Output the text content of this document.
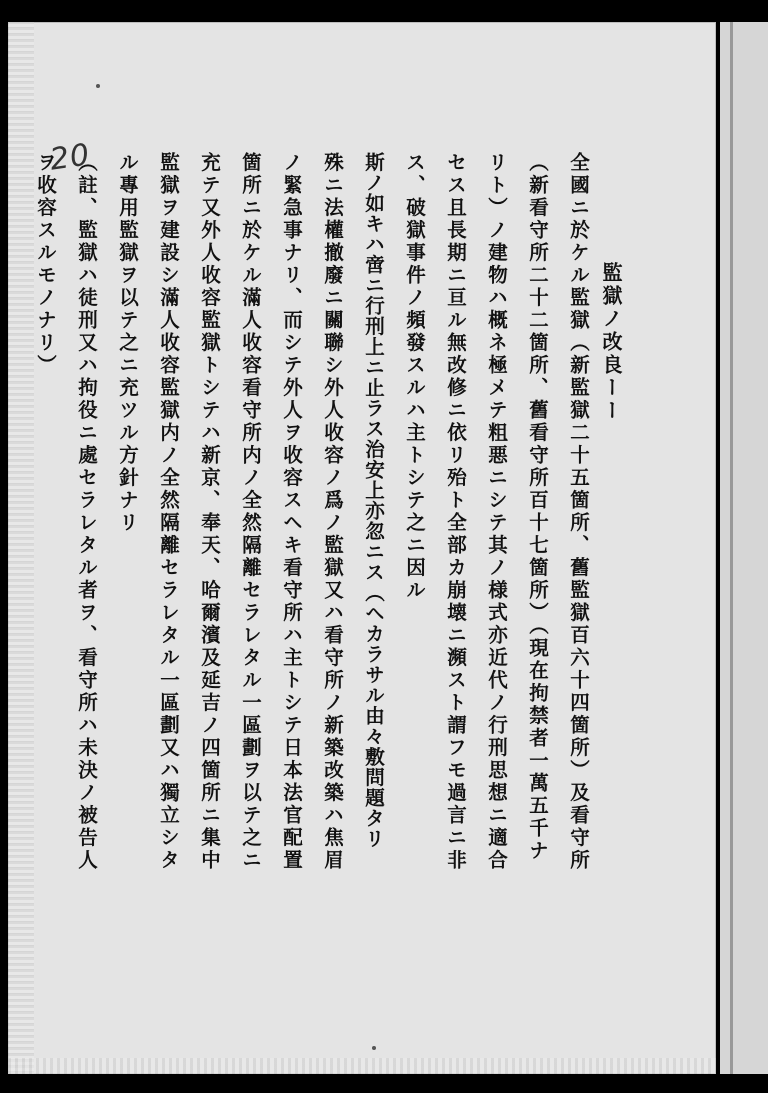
20
監獄ノ改良ーー
全國ニ於ケル監獄（新監獄二十五箇所、舊監獄百六十四箇所）及看守所
（新看守所二十二箇所、舊看守所百十七箇所）（現在拘禁者一萬五千ナ
リト）ノ建物ハ概ネ極メテ粗悪ニシテ其ノ様式亦近代ノ行刑思想ニ適合
セス且長期ニ亘ル無改修ニ依リ殆ト全部カ崩壊ニ瀕スト謂フモ過言ニ非
ス、破獄事件ノ頻發スルハ主トシテ之ニ因ル
斯ノ如キハ啻ニ行刑上ニ止ラス治安上亦忽ニス（ヘカラサル由々敷問題タリ
殊ニ法權撤廢ニ關聯シ外人收容ノ爲ノ監獄又ハ看守所ノ新築改築ハ焦眉
ノ緊急事ナリ、而シテ外人ヲ收容スヘキ看守所ハ主トシテ日本法官配置
箇所ニ於ケル滿人收容看守所内ノ全然隔離セラレタル一區劃ヲ以テ之ニ
充テ又外人收容監獄トシテハ新京、奉天、哈爾濱及延吉ノ四箇所ニ集中
監獄ヲ建設シ滿人收容監獄内ノ全然隔離セラレタル一區劃又ハ獨立シタ
ル專用監獄ヲ以テ之ニ充ツル方針ナリ
（註、監獄ハ徒刑又ハ拘役ニ處セラレタル者ヲ、看守所ハ未決ノ被告人
ヲ收容スルモノナリ）
